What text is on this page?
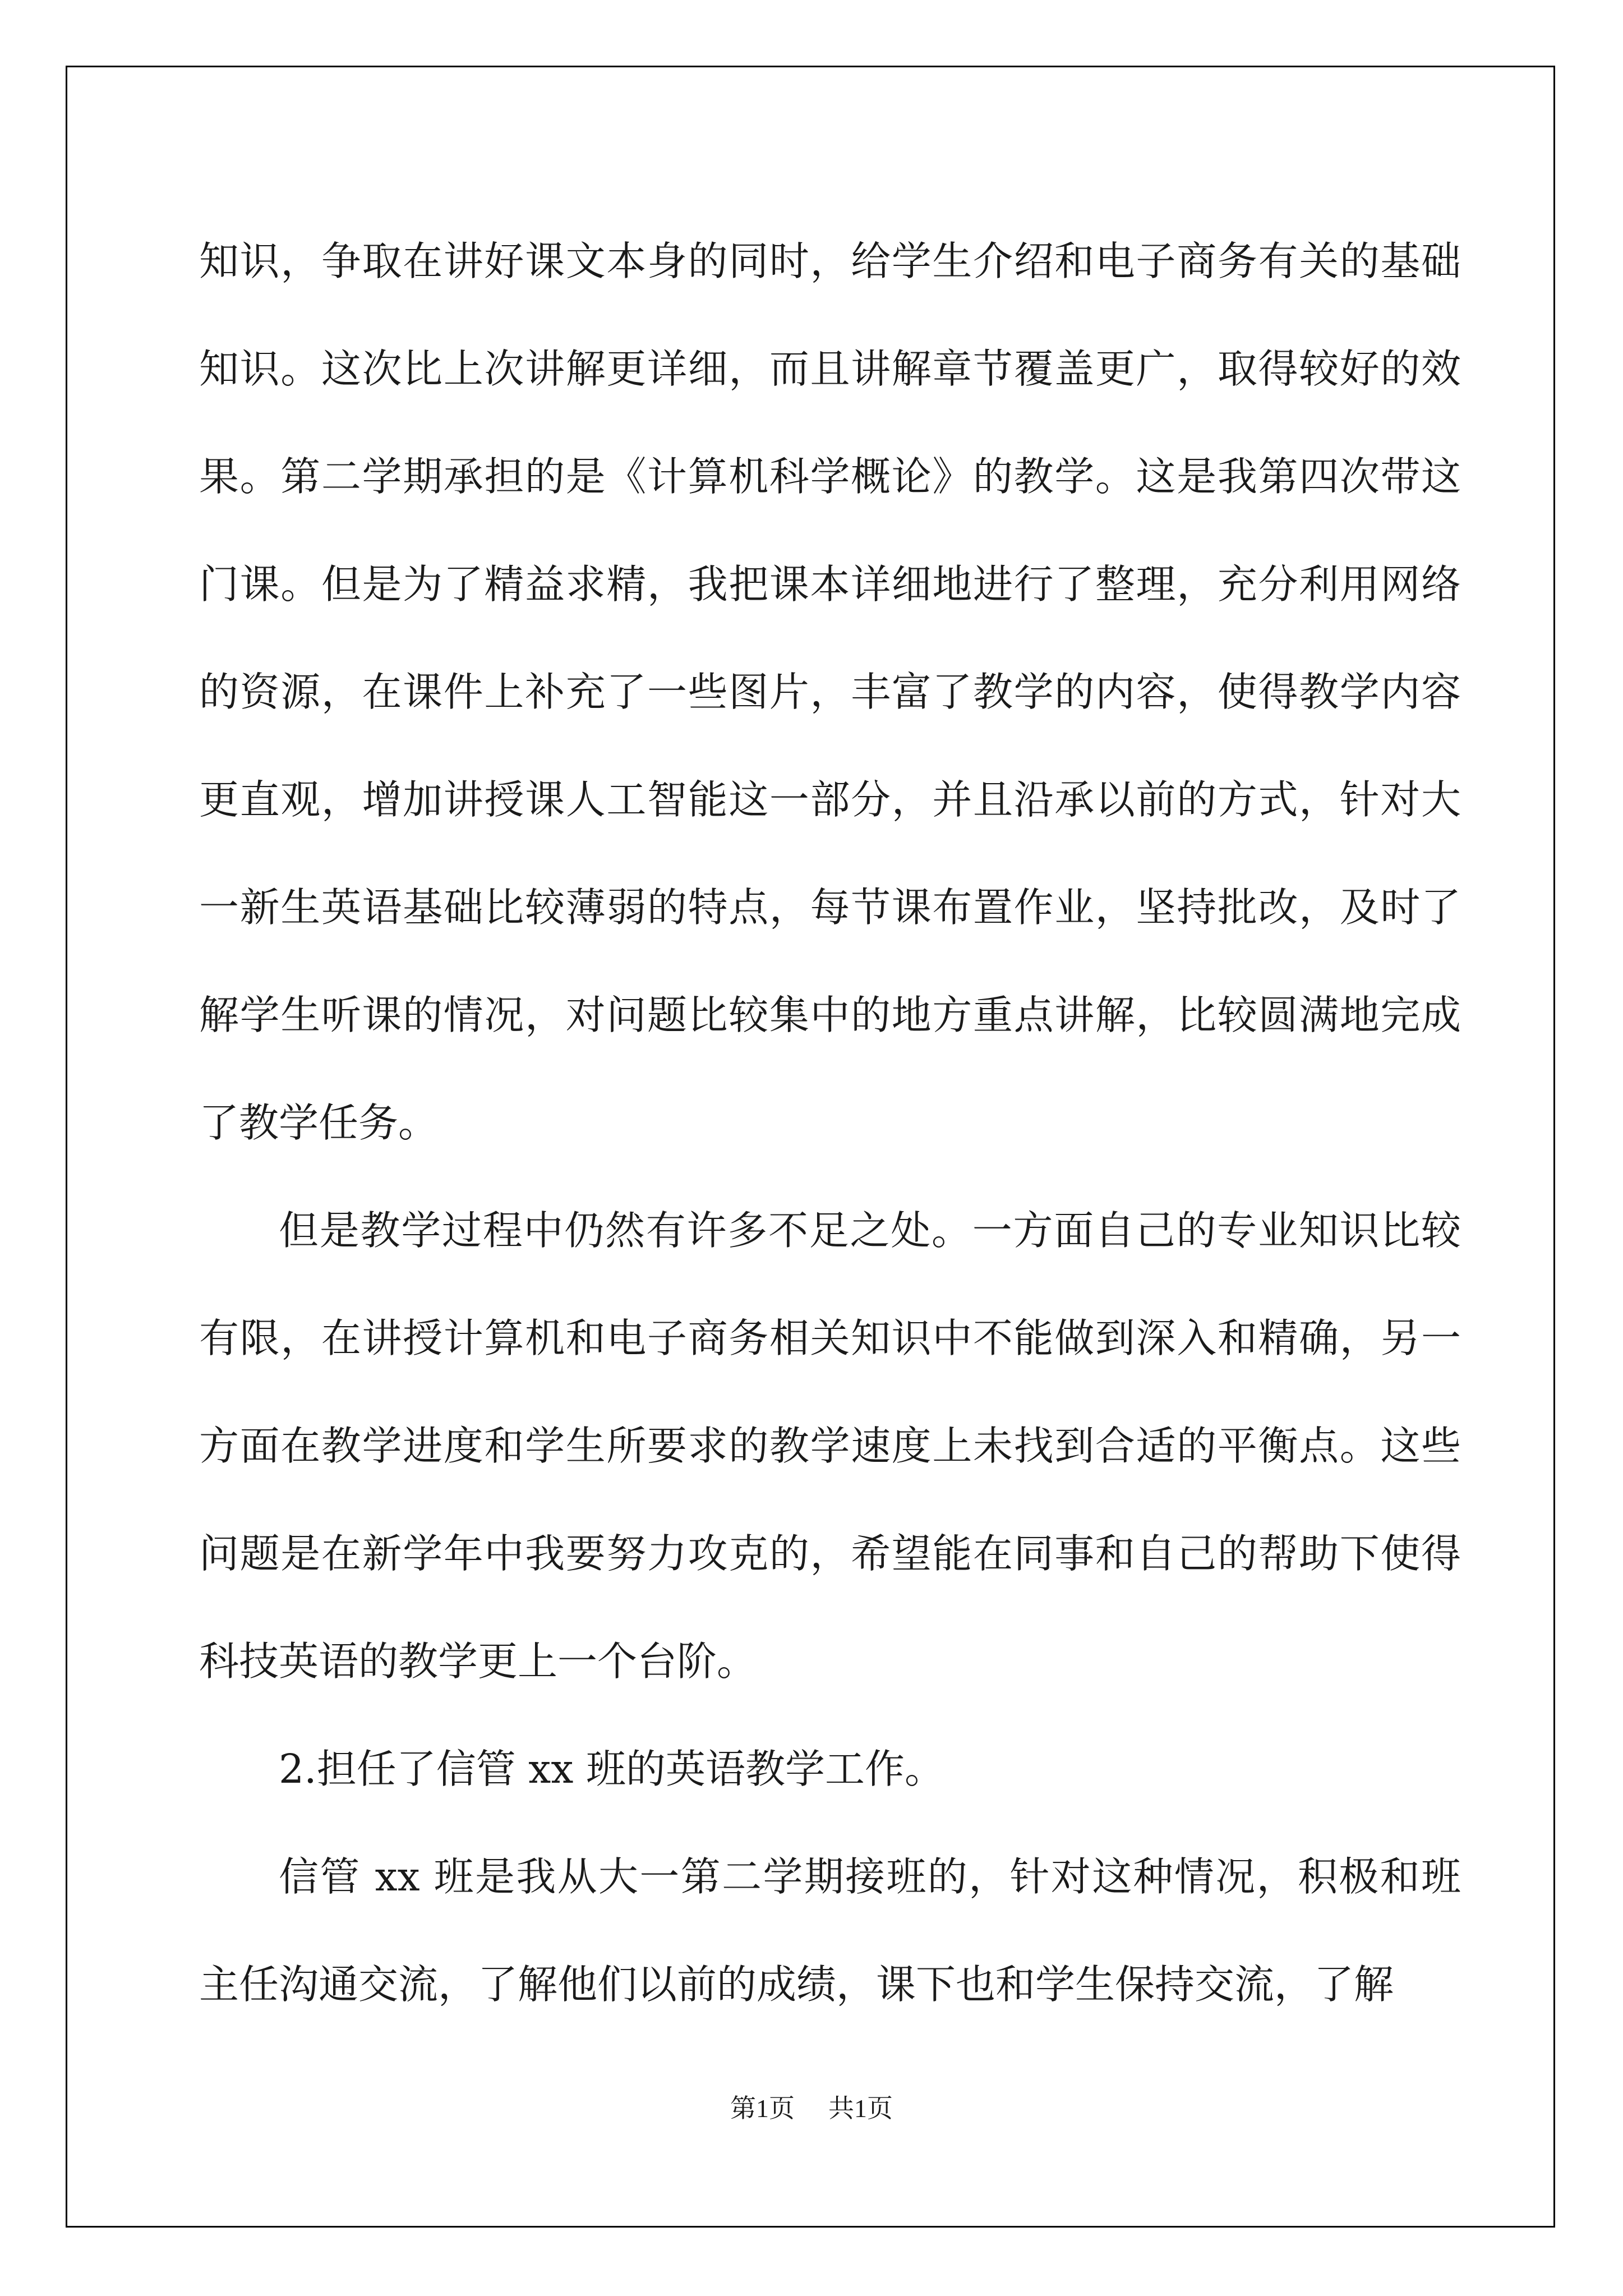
知识，争取在讲好课文本身的同时，给学生介绍和电子商务有关的基础知识。这次比上次讲解更详细，而且讲解章节覆盖更广，取得较好的效果。第二学期承担的是《计算机科学概论》的教学。这是我第四次带这门课。但是为了精益求精，我把课本详细地进行了整理，充分利用网络的资源，在课件上补充了一些图片，丰富了教学的内容，使得教学内容更直观，增加讲授课人工智能这一部分，并且沿承以前的方式，针对大一新生英语基础比较薄弱的特点，每节课布置作业，坚持批改，及时了解学生听课的情况，对问题比较集中的地方重点讲解，比较圆满地完成了教学任务。

但是教学过程中仍然有许多不足之处。一方面自己的专业知识比较有限，在讲授计算机和电子商务相关知识中不能做到深入和精确，另一方面在教学进度和学生所要求的教学速度上未找到合适的平衡点。这些问题是在新学年中我要努力攻克的，希望能在同事和自己的帮助下使得科技英语的教学更上一个台阶。

2.担任了信管 xx 班的英语教学工作。

信管 xx 班是我从大一第二学期接班的，针对这种情况，积极和班主任沟通交流，了解他们以前的成绩，课下也和学生保持交流，了解

第1页 共1页
